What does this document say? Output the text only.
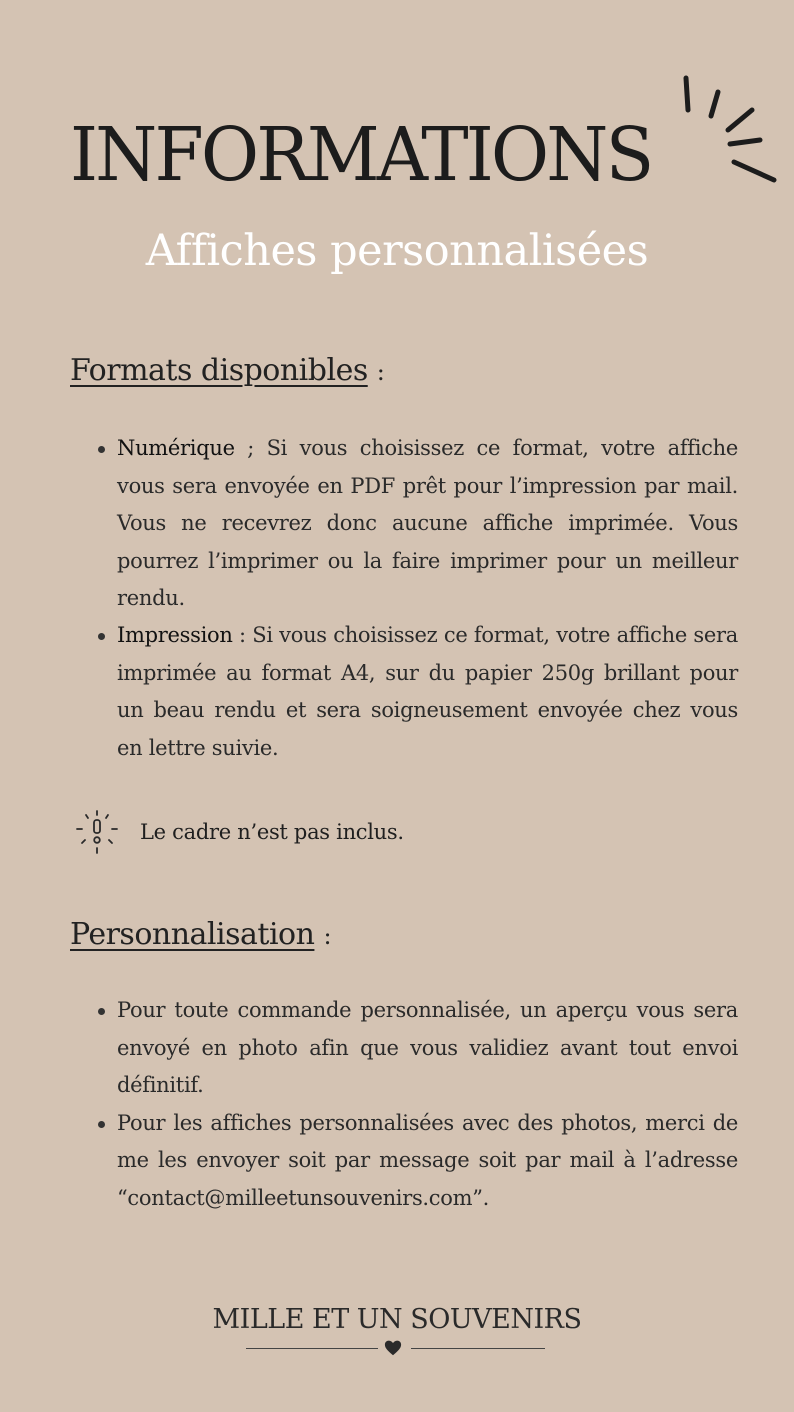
INFORMATIONS
Affiches personnalisées
Formats disponibles :
Numérique ; Si vous choisissez ce format, votre affiche vous sera envoyée en PDF prêt pour l’impression par mail. Vous ne recevrez donc aucune affiche imprimée. Vous pourrez l’imprimer ou la faire imprimer pour un meilleur rendu.
Impression : Si vous choisissez ce format, votre affiche sera imprimée au format A4, sur du papier 250g brillant pour un beau rendu et sera soigneusement envoyée chez vous en lettre suivie.
Le cadre n’est pas inclus.
Personnalisation :
Pour toute commande personnalisée, un aperçu vous sera envoyé en photo afin que vous validiez avant tout envoi définitif.
Pour les affiches personnalisées avec des photos, merci de me les envoyer soit par message soit par mail à l’adresse “contact@milleetunsouvenirs.com”.
MILLE ET UN SOUVENIRS
